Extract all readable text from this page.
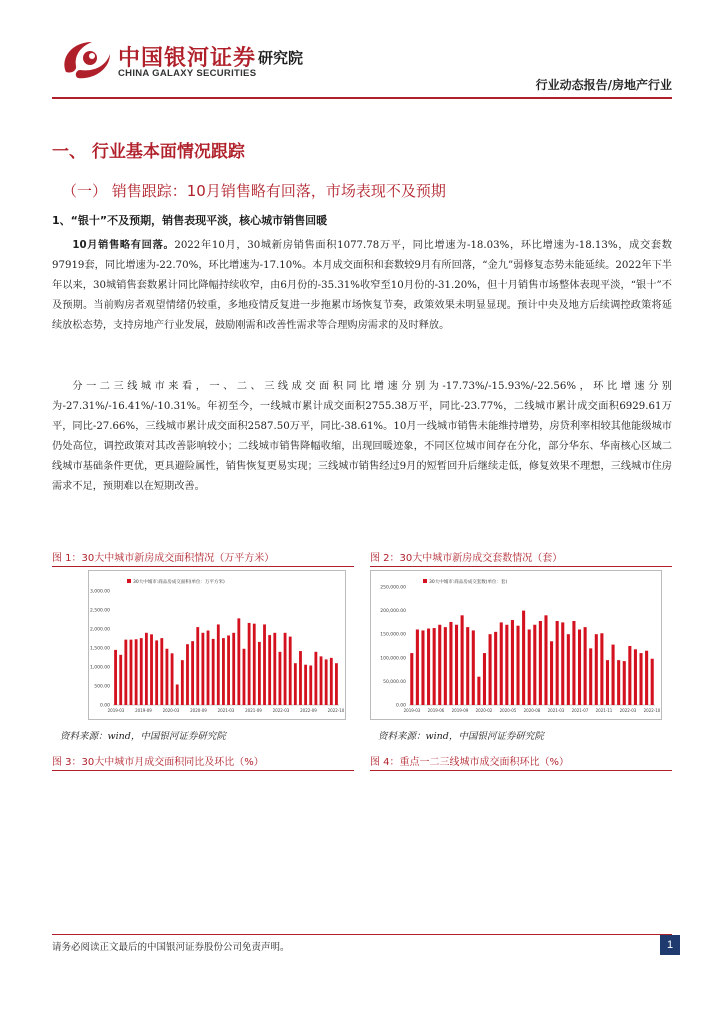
中国银河证券
CHINA GALAXY SECURITIES
研究院
行业动态报告/房地产行业
一、 行业基本面情况跟踪
（一） 销售跟踪：10月销售略有回落，市场表现不及预期
1、“银十”不及预期，销售表现平淡，核心城市销售回暖
10月销售略有回落。2022年10月，30城新房销售面积1077.78万平，同比增速为-18.03%，环比增速为-18.13%，成交套数97919套，同比增速为-22.70%，环比增速为-17.10%。本月成交面积和套数较9月有所回落，“金九”弱修复态势未能延续。2022年下半年以来，30城销售套数累计同比降幅持续收窄，由6月份的-35.31%收窄至10月份的-31.20%，但十月销售市场整体表现平淡，“银十”不及预期。当前购房者观望情绪仍较重，多地疫情反复进一步拖累市场恢复节奏，政策效果未明显显现。预计中央及地方后续调控政策将延续放松态势，支持房地产行业发展，鼓励刚需和改善性需求等合理购房需求的及时释放。
分一二三线城市来看，一、二、三线成交面积同比增速分别为-17.73%/-15.93%/-22.56%，环比增速分别为-27.31%/-16.41%/-10.31%。年初至今，一线城市累计成交面积2755.38万平，同比-23.77%，二线城市累计成交面积6929.61万平，同比-27.66%，三线城市累计成交面积2587.50万平，同比-38.61%。10月一线城市销售未能维持增势，房贷利率相较其他能级城市仍处高位，调控政策对其改善影响较小；二线城市销售降幅收缩，出现回暖迹象，不同区位城市间存在分化，部分华东、华南核心区域二线城市基础条件更优，更具避险属性，销售恢复更易实现；三线城市销售经过9月的短暂回升后继续走低，修复效果不理想，三线城市住房需求不足，预期难以在短期改善。
图 1：30大中城市新房成交面积情况（万平方米）
30大中城市:商品房成交面积(单位：万平方米)
0.00
500.00
1,000.00
1,500.00
2,000.00
2,500.00
3,000.00
2019-03	2019-09	2020-03	2020-09	2021-03	2021-09	2022-03	2022-09	2022-10
资料来源：wind，中国银河证券研究院
图 2：30大中城市新房成交套数情况（套）
30大中城市:商品房成交套数(单位：套)
0.00
50,000.00
100,000.00
150,000.00
200,000.00
250,000.00
2019-03 2019-06 2019-09 2020-02 2020-05 2020-08 2021-03 2021-07 2021-11 2022-03 2022-10
资料来源：wind，中国银河证券研究院
图 3：30大中城市月成交面积同比及环比（%）	图 4：重点一二三线城市成交面积环比（%）
请务必阅读正文最后的中国银河证券股份公司免责声明。	1
